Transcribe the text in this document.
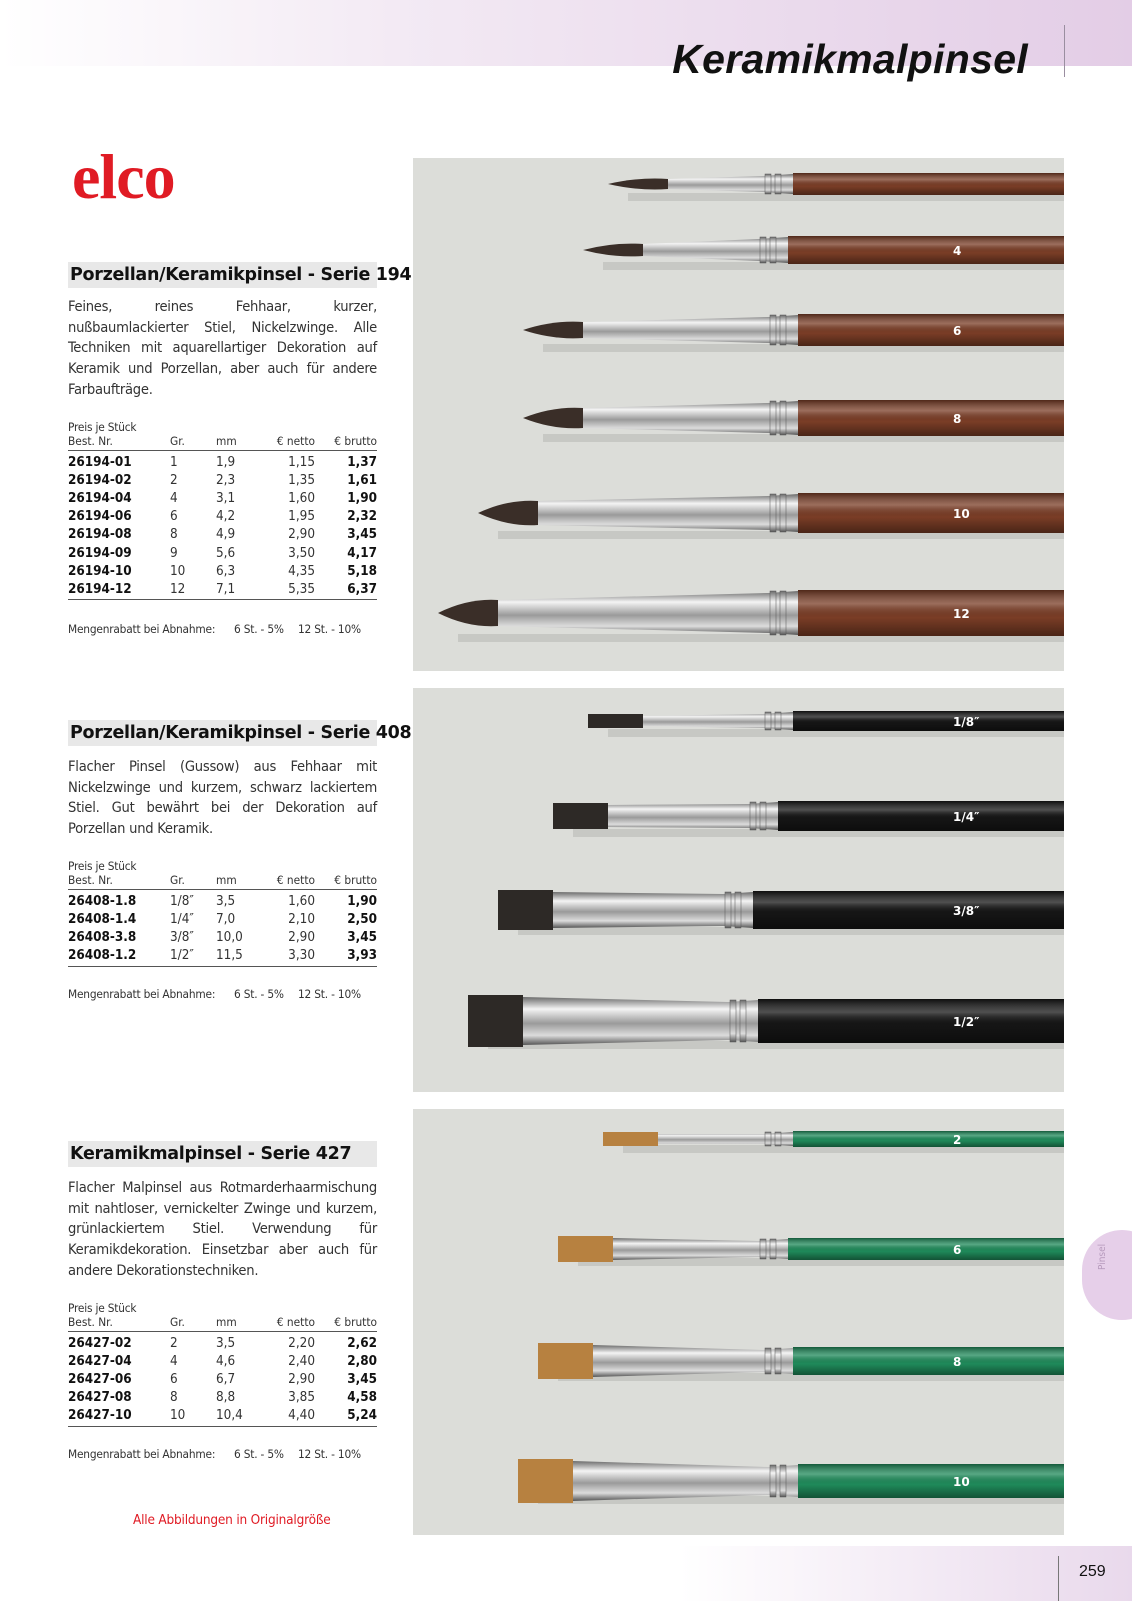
Keramikmalpinsel
elco
Porzellan/Keramikpinsel - Serie 194
Feines, reines Fehhaar, kurzer, nußbaumlackierter Stiel, Nickelzwinge. Alle Techniken mit aquarellartiger Dekoration auf Keramik und Porzellan, aber auch für andere Farbaufträge.
Preis je Stück
Best. Nr.	Gr.	mm	€ netto	€ brutto
26194-01	1	1,9	1,15	1,37
26194-02	2	2,3	1,35	1,61
26194-04	4	3,1	1,60	1,90
26194-06	6	4,2	1,95	2,32
26194-08	8	4,9	2,90	3,45
26194-09	9	5,6	3,50	4,17
26194-10	10	6,3	4,35	5,18
26194-12	12	7,1	5,35	6,37
Mengenrabatt bei Abnahme: 6 St. - 5% 12 St. - 10%
Porzellan/Keramikpinsel - Serie 408
Flacher Pinsel (Gussow) aus Fehhaar mit Nickelzwinge und kurzem, schwarz lackiertem Stiel. Gut bewährt bei der Dekoration auf Porzellan und Keramik.
Preis je Stück
Best. Nr.	Gr.	mm	€ netto	€ brutto
26408-1.8	1/8″	3,5	1,60	1,90
26408-1.4	1/4″	7,0	2,10	2,50
26408-3.8	3/8″	10,0	2,90	3,45
26408-1.2	1/2″	11,5	3,30	3,93
Mengenrabatt bei Abnahme: 6 St. - 5% 12 St. - 10%
Keramikmalpinsel - Serie 427
Flacher Malpinsel aus Rotmarderhaarmischung mit nahtloser, vernickelter Zwinge und kurzem, grünlackiertem Stiel. Verwendung für Keramikdekoration. Einsetzbar aber auch für andere Dekorationstechniken.
Preis je Stück
Best. Nr.	Gr.	mm	€ netto	€ brutto
26427-02	2	3,5	2,20	2,62
26427-04	4	4,6	2,40	2,80
26427-06	6	6,7	2,90	3,45
26427-08	8	8,8	3,85	4,58
26427-10	10	10,4	4,40	5,24
Mengenrabatt bei Abnahme: 6 St. - 5% 12 St. - 10%
Alle Abbildungen in Originalgröße
4
6
8
10
12
1/8″
1/4″
3/8″
1/2″
2
6
8
10
Pinsel
259
